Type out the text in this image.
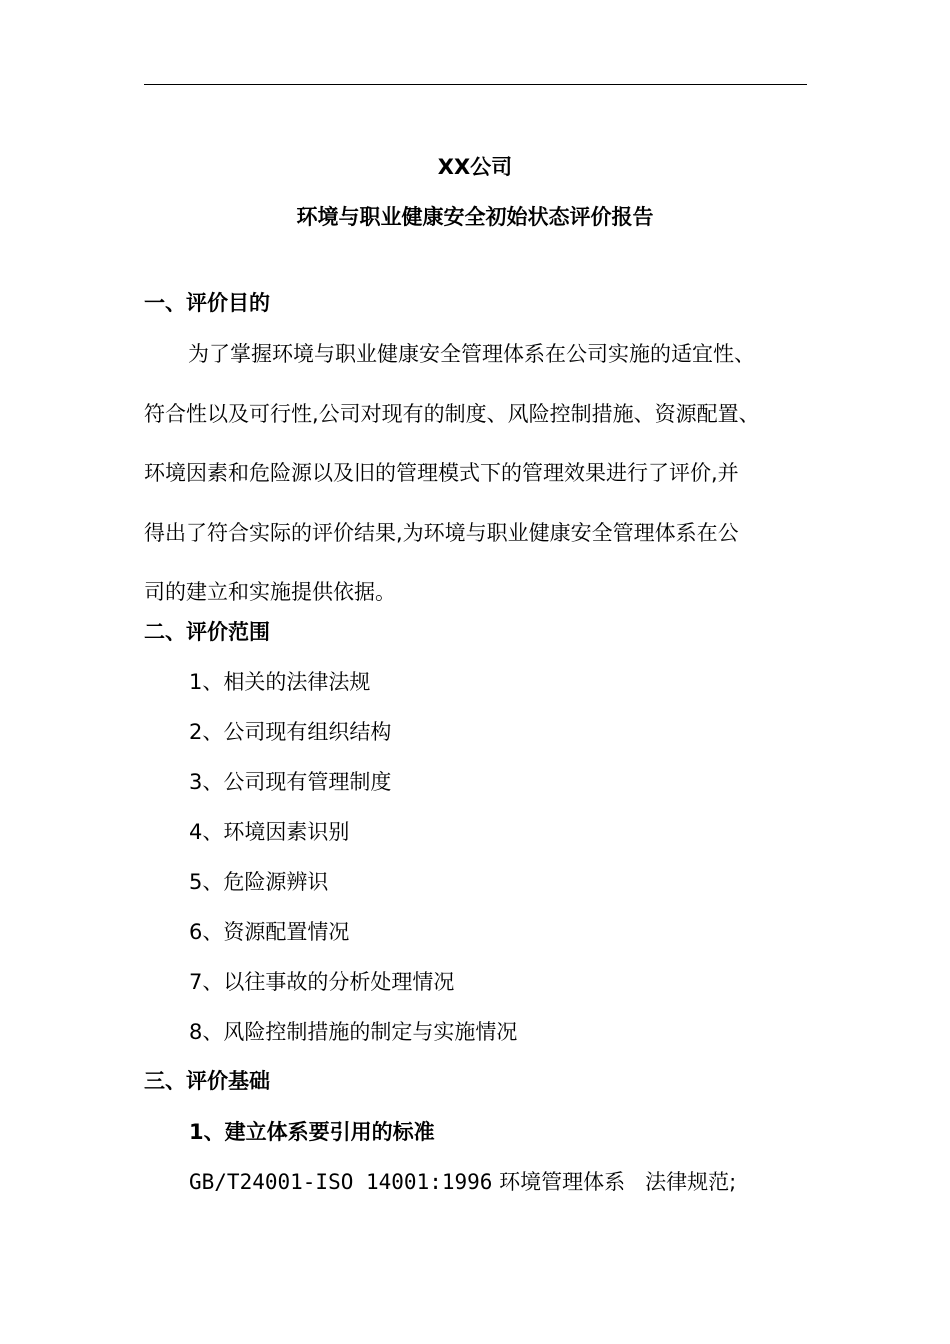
XX公司
环境与职业健康安全初始状态评价报告
一、评价目的
为了掌握环境与职业健康安全管理体系在公司实施的适宜性、
符合性以及可行性,公司对现有的制度、风险控制措施、资源配置、
环境因素和危险源以及旧的管理模式下的管理效果进行了评价,并
得出了符合实际的评价结果,为环境与职业健康安全管理体系在公
司的建立和实施提供依据。
二、评价范围
1、相关的法律法规
2、公司现有组织结构
3、公司现有管理制度
4、环境因素识别
5、危险源辨识
6、资源配置情况
7、以往事故的分析处理情况
8、风险控制措施的制定与实施情况
三、评价基础
1、建立体系要引用的标准
GB/T24001-ISO 14001:1996 环境管理体系   法律规范;
